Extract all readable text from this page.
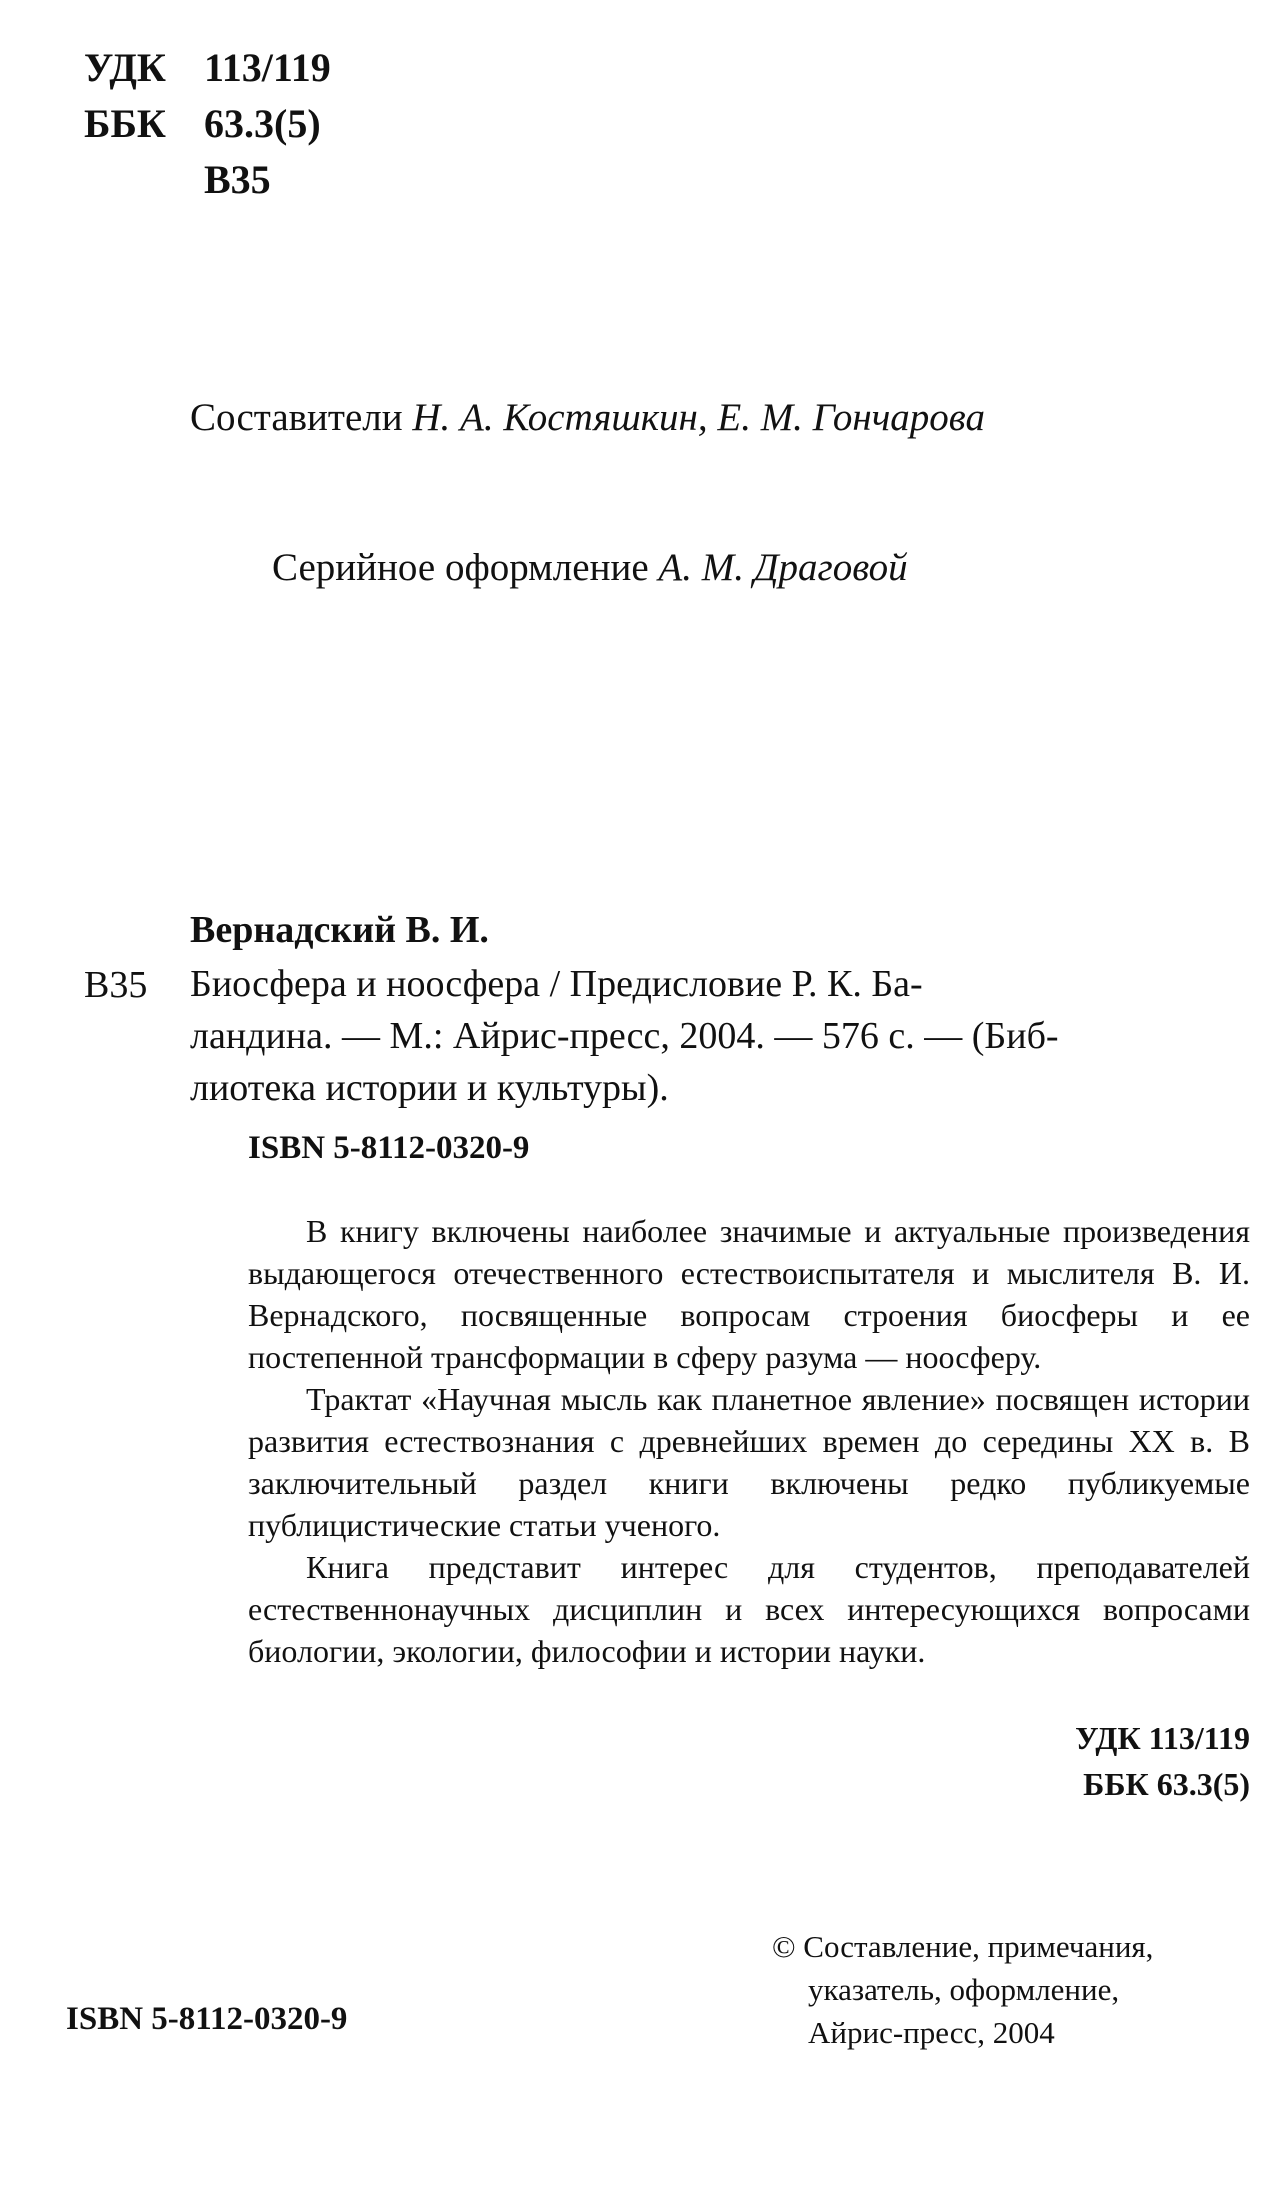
УДК 113/119
ББК 63.3(5)
В35
Составители Н. А. Костяшкин, Е. М. Гончарова
Серийное оформление А. М. Драговой
Вернадский В. И.
В35 Биосфера и ноосфера / Предисловие Р. К. Ба-
ландина. — М.: Айрис-пресс, 2004. — 576 с. — (Биб-
лиотека истории и культуры).
ISBN 5-8112-0320-9

В книгу включены наиболее значимые и актуальные произведения выдающегося отечественного естествоиспытателя и мыслителя В. И. Вернадского, посвященные вопросам строения биосферы и ее постепенной трансформации в сферу разума — ноосферу.

Трактат «Научная мысль как планетное явление» посвящен истории развития естествознания с древнейших времен до середины XX в. В заключительный раздел книги включены редко публикуемые публицистические статьи ученого.

Книга представит интерес для студентов, преподавателей естественнонаучных дисциплин и всех интересующихся вопросами биологии, экологии, философии и истории науки.

УДК 113/119
ББК 63.3(5)
© Составление, примечания,
указатель, оформление,
Айрис-пресс, 2004
ISBN 5-8112-0320-9
